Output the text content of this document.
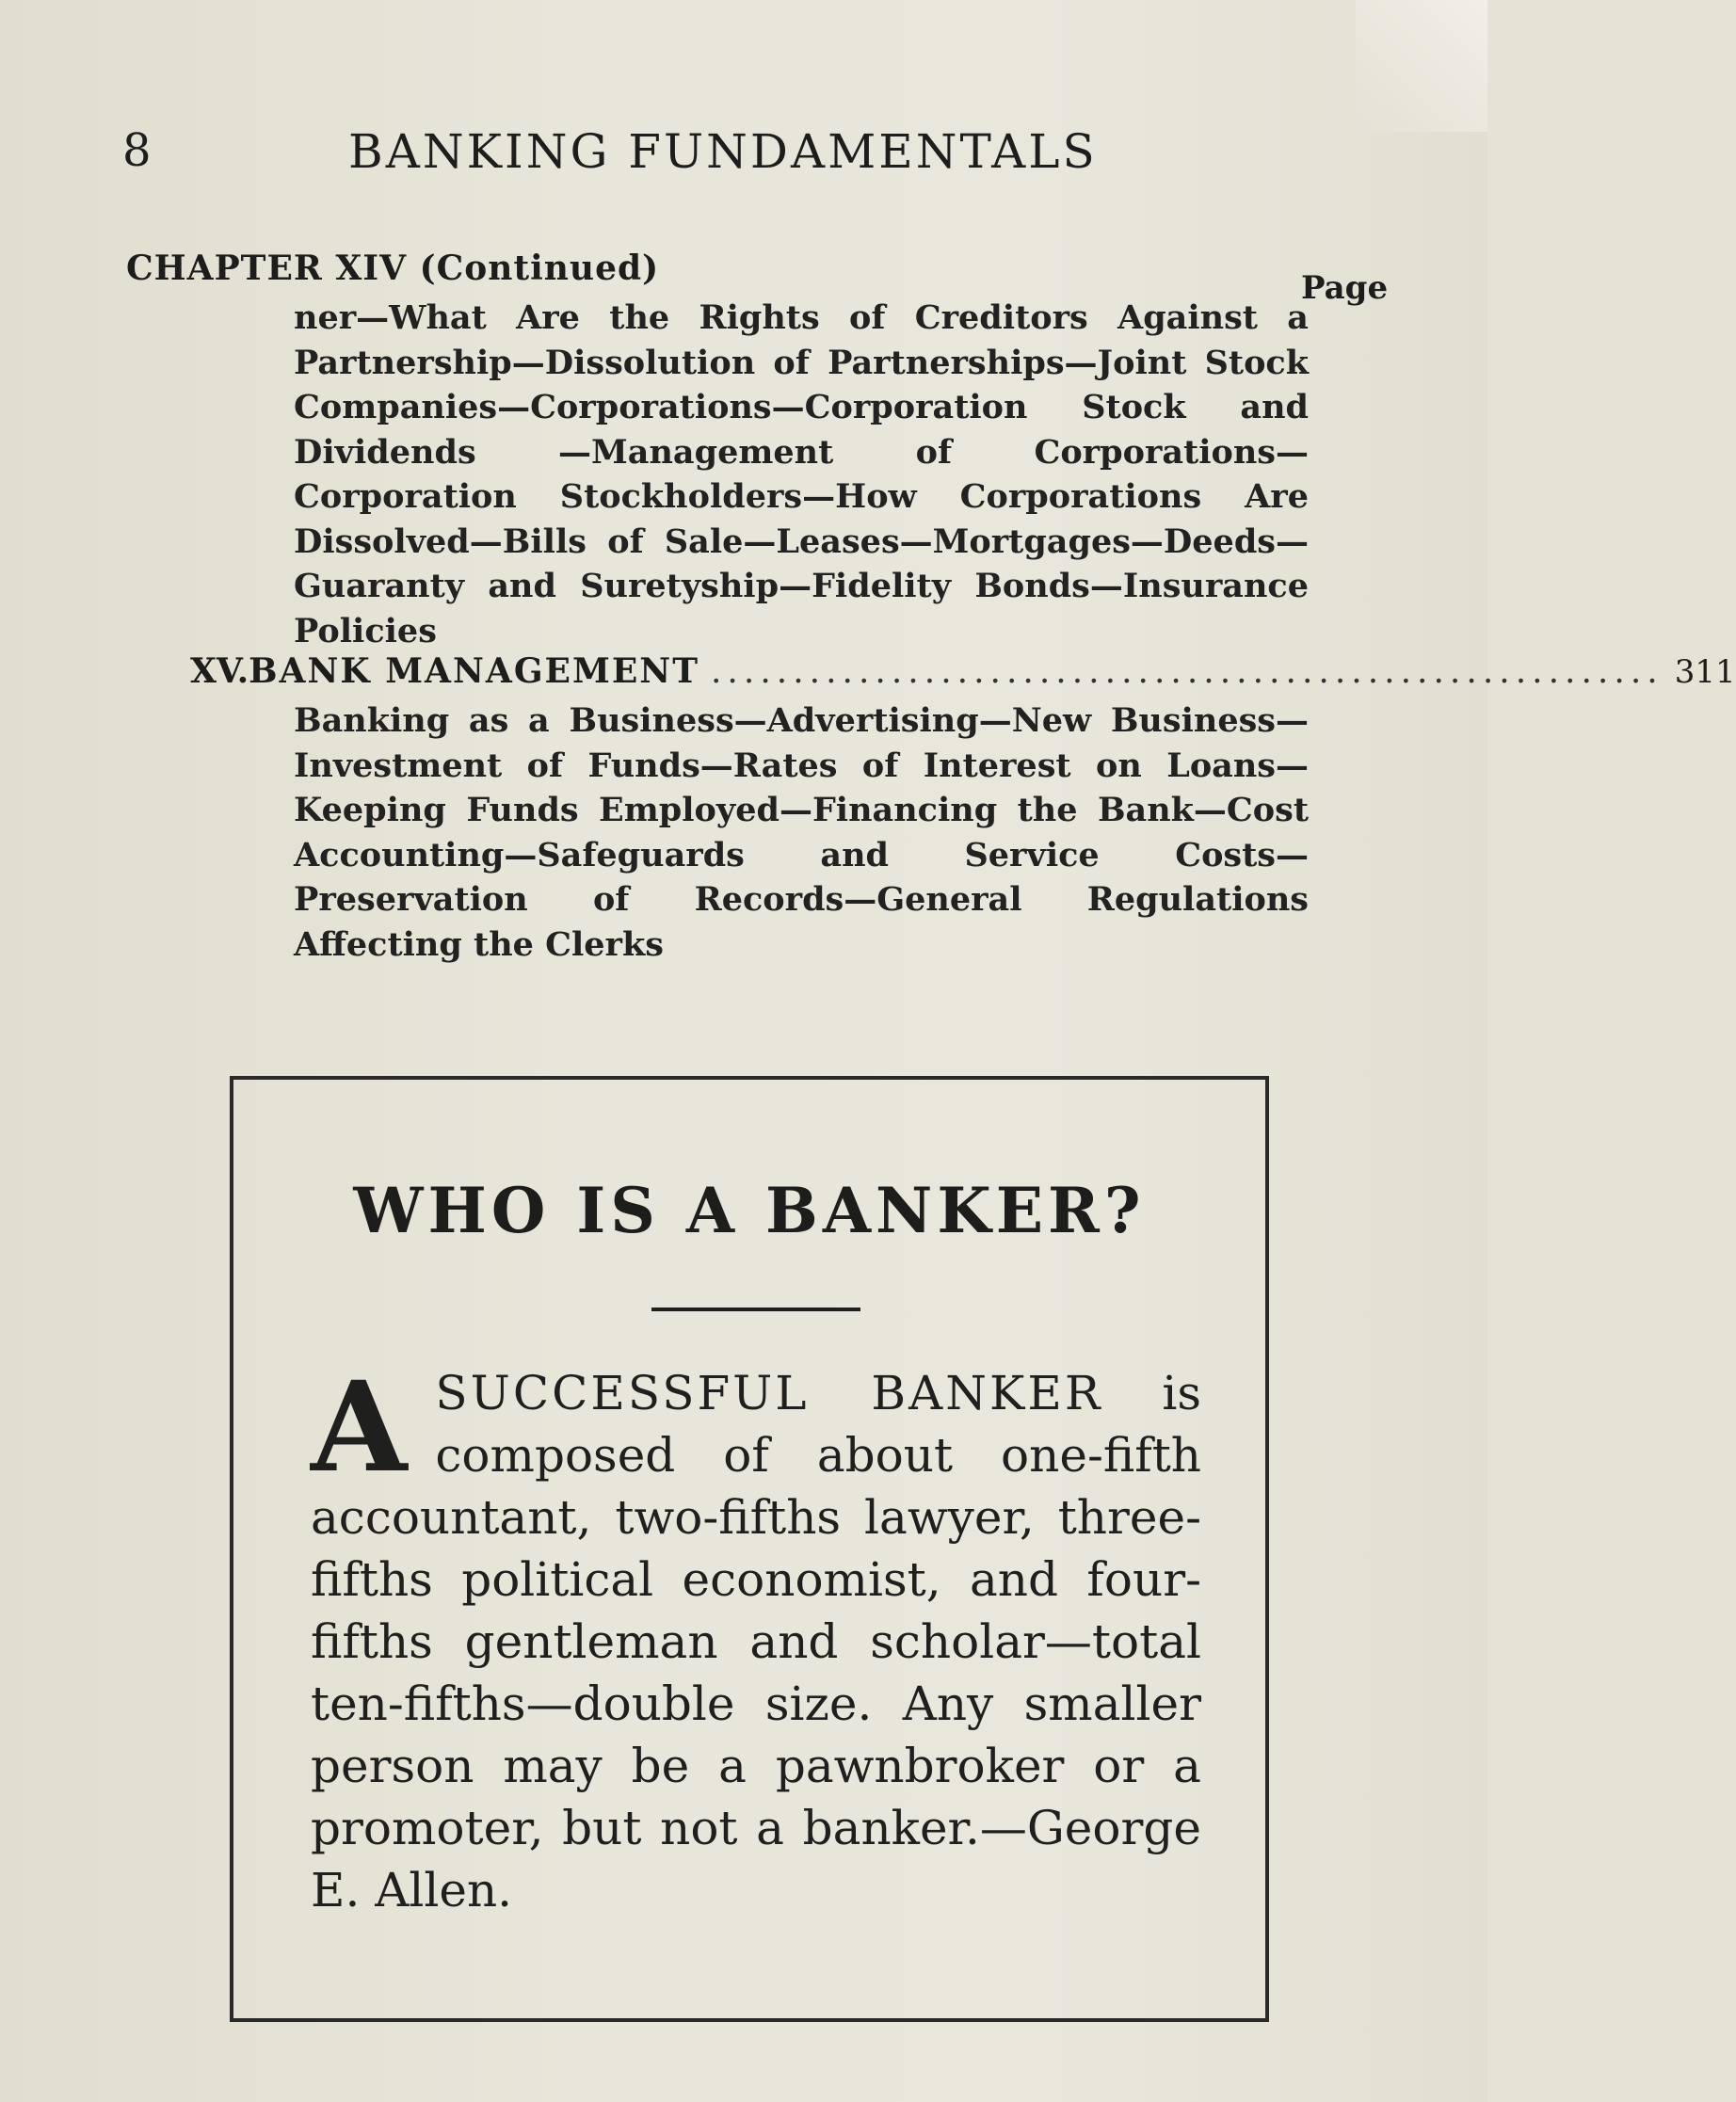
8	BANKING FUNDAMENTALS
CHAPTER XIV (Continued)	Page
ner—What Are the Rights of Creditors Against a Partnership—Dissolution of Partnerships—Joint Stock Companies—Corporations—Corporation Stock and Dividends —Management of Corporations—Corporation Stockholders—How Corporations Are Dissolved—Bills of Sale—Leases—Mortgages—Deeds—Guaranty and Suretyship—Fidelity Bonds—Insurance Policies
XV. BANK MANAGEMENT .......................................................... 311
Banking as a Business—Advertising—New Business—Investment of Funds—Rates of Interest on Loans—Keeping Funds Employed—Financing the Bank—Cost Accounting—Safeguards and Service Costs—Preservation of Records—General Regulations Affecting the Clerks
WHO IS A BANKER?
ASUCCESSFUL BANKER is composed of about one-fifth accountant, two-fifths lawyer, three-fifths political economist, and four-fifths gentleman and scholar—total ten-fifths—double size. Any smaller person may be a pawnbroker or a promoter, but not a banker.—George E. Allen.
